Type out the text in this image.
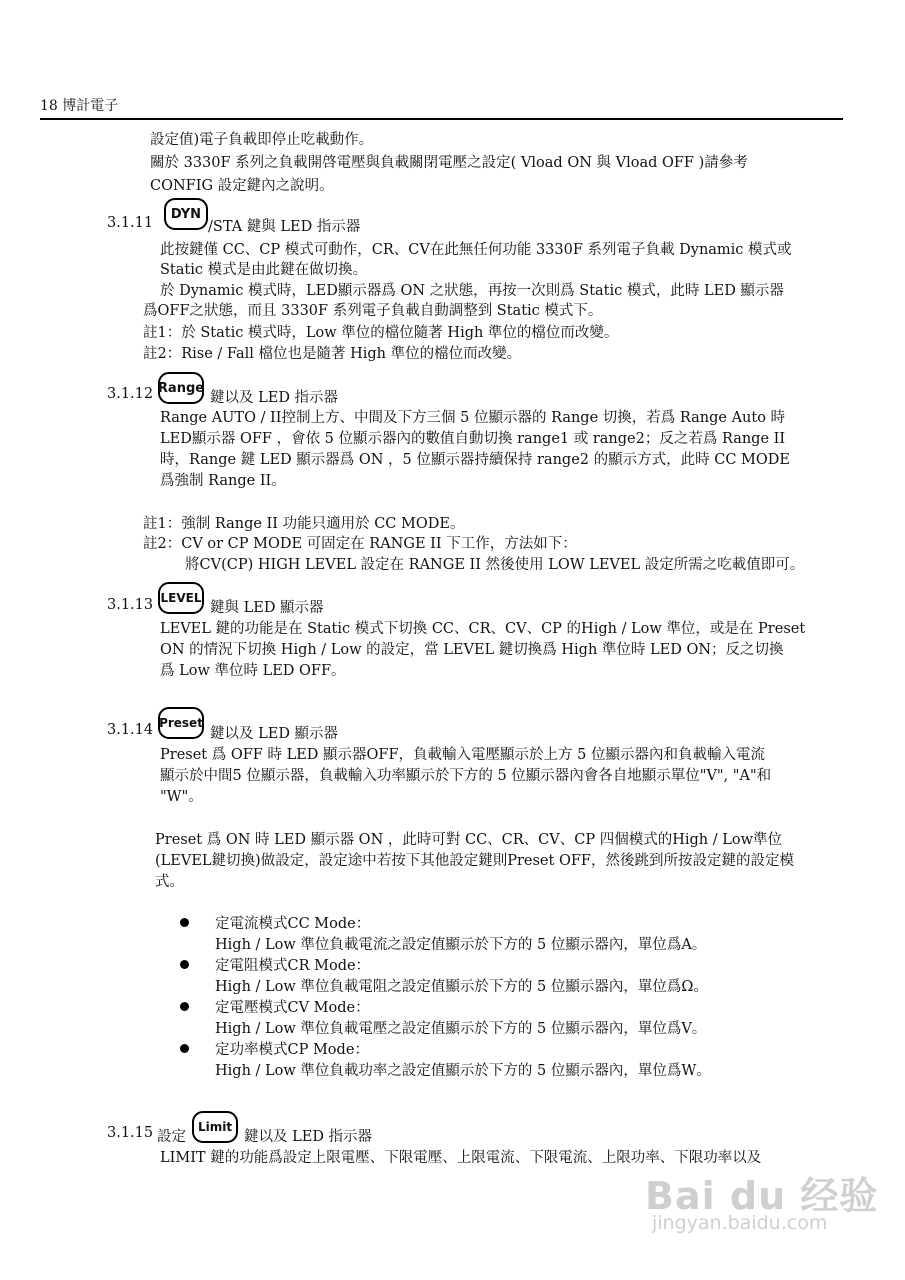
18 博計電子
設定值)電子負載即停止吃載動作。
關於 3330F 系列之負載開啓電壓與負載關閉電壓之設定( Vload ON 與 Vload OFF )請參考
CONFIG 設定鍵內之說明。
3.1.11
DYN
/STA 鍵與 LED 指示器
此按鍵僅 CC、CP 模式可動作，CR、CV在此無任何功能 3330F 系列電子負載 Dynamic 模式或
Static 模式是由此鍵在做切換。
於 Dynamic 模式時，LED顯示器爲 ON 之狀態，再按一次則爲 Static 模式，此時 LED 顯示器
爲OFF之狀態，而且 3330F 系列電子負載自動調整到 Static 模式下。
註1：於 Static 模式時，Low 準位的檔位隨著 High 準位的檔位而改變。
註2：Rise / Fall 檔位也是隨著 High 準位的檔位而改變。
3.1.12 Range
鍵以及 LED 指示器
Range AUTO / II控制上方、中間及下方三個 5 位顯示器的 Range 切換，若爲 Range Auto 時
LED顯示器 OFF ，會依 5 位顯示器內的數值自動切換 range1 或 range2；反之若爲 Range II
時，Range 鍵 LED 顯示器爲 ON ，5 位顯示器持續保持 range2 的顯示方式，此時 CC MODE
爲強制 Range II。
註1：強制 Range II 功能只適用於 CC MODE。
註2：CV or CP MODE 可固定在 RANGE II 下工作，方法如下：
將CV(CP) HIGH LEVEL 設定在 RANGE II 然後使用 LOW LEVEL 設定所需之吃載值即可。
3.1.13 LEVEL
鍵與 LED 顯示器
LEVEL 鍵的功能是在 Static 模式下切換 CC、CR、CV、CP 的High / Low 準位，或是在 Preset
ON 的情況下切換 High / Low 的設定，當 LEVEL 鍵切換爲 High 準位時 LED ON；反之切換
爲 Low 準位時 LED OFF。
3.1.14 Preset
鍵以及 LED 顯示器
Preset 爲 OFF 時 LED 顯示器OFF，負載輸入電壓顯示於上方 5 位顯示器內和負載輸入電流
顯示於中間5 位顯示器，負載輸入功率顯示於下方的 5 位顯示器內會各自地顯示單位"V", "A"和
"W"。
Preset 爲 ON 時 LED 顯示器 ON ，此時可對 CC、CR、CV、CP 四個模式的High / Low準位
(LEVEL鍵切換)做設定，設定途中若按下其他設定鍵則Preset OFF，然後跳到所按設定鍵的設定模
式。
定電流模式CC Mode：
High / Low 準位負載電流之設定值顯示於下方的 5 位顯示器內，單位爲A。
定電阻模式CR Mode：
High / Low 準位負載電阻之設定值顯示於下方的 5 位顯示器內，單位爲Ω。
定電壓模式CV Mode：
High / Low 準位負載電壓之設定值顯示於下方的 5 位顯示器內，單位爲V。
定功率模式CP Mode：
High / Low 準位負載功率之設定值顯示於下方的 5 位顯示器內，單位爲W。
3.1.15 設定
Limit
鍵以及 LED 指示器
LIMIT 鍵的功能爲設定上限電壓、下限電壓、上限電流、下限電流、上限功率、下限功率以及
Bai du 经验
jingyan.baidu.com
